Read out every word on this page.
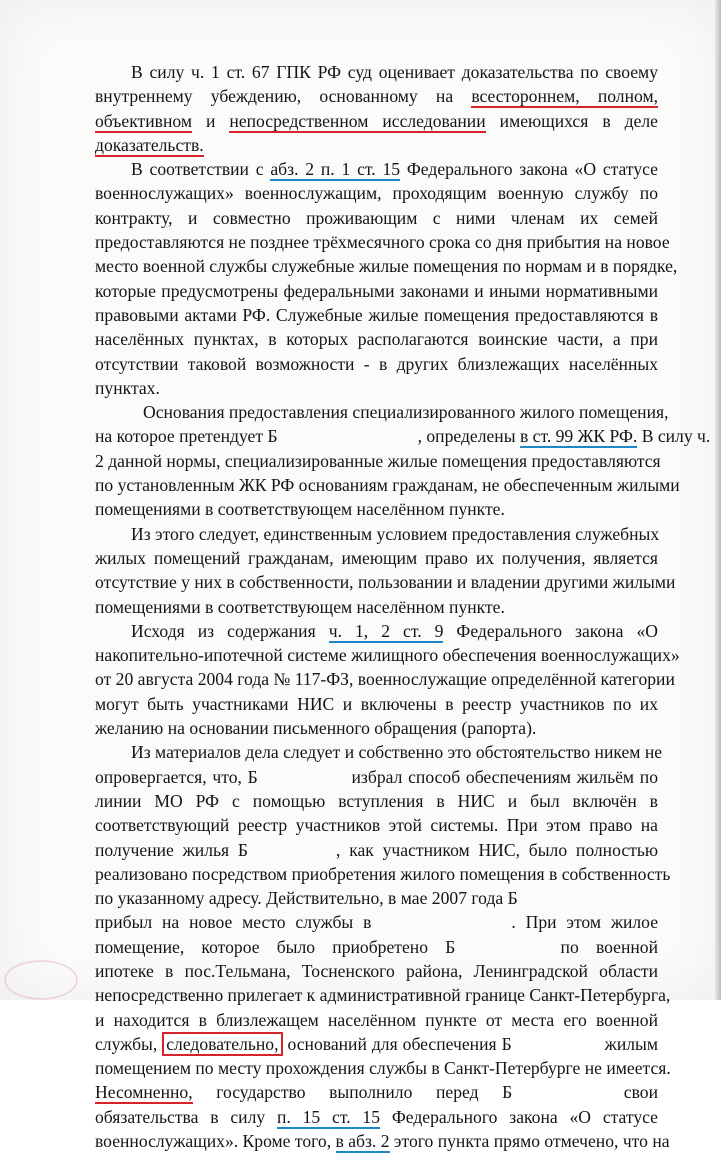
В силу ч. 1 ст. 67 ГПК РФ суд оценивает доказательства по своему
внутреннему убеждению, основанному на всестороннем, полном,
объективном и непосредственном исследовании имеющихся в деле
доказательств.
В соответствии с абз. 2 п. 1 ст. 15 Федерального закона «О статусе
военнослужащих» военнослужащим, проходящим военную службу по
контракту, и совместно проживающим с ними членам их семей
предоставляются не позднее трёхмесячного срока со дня прибытия на новое
место военной службы служебные жилые помещения по нормам и в порядке,
которые предусмотрены федеральными законами и иными нормативными
правовыми актами РФ. Служебные жилые помещения предоставляются в
населённых пунктах, в которых располагаются воинские части, а при
отсутствии таковой возможности - в других близлежащих населённых
пунктах.
Основания предоставления специализированного жилого помещения,
на которое претендует Б	, определены в ст. 99 ЖК РФ. В силу ч.
2 данной нормы, специализированные жилые помещения предоставляются
по установленным ЖК РФ основаниям гражданам, не обеспеченным жилыми
помещениями в соответствующем населённом пункте.
Из этого следует, единственным условием предоставления служебных
жилых помещений гражданам, имеющим право их получения, является
отсутствие у них в собственности, пользовании и владении другими жилыми
помещениями в соответствующем населённом пункте.
Исходя из содержания ч. 1, 2 ст. 9 Федерального закона «О
накопительно-ипотечной системе жилищного обеспечения военнослужащих»
от 20 августа 2004 года № 117-ФЗ, военнослужащие определённой категории
могут быть участниками НИС и включены в реестр участников по их
желанию на основании письменного обращения (рапорта).
Из материалов дела следует и собственно это обстоятельство никем не
опровергается, что, Б	избрал способ обеспечениям жильём по
линии МО РФ с помощью вступления в НИС и был включён в
соответствующий реестр участников этой системы. При этом право на
получение жилья Б	, как участником НИС, было полностью
реализовано посредством приобретения жилого помещения в собственность
по указанному адресу. Действительно, в мае 2007 года Б
прибыл на новое место службы в	. При этом жилое
помещение, которое было приобретено Б	по военной
ипотеке в пос.Тельмана, Тосненского района, Ленинградской области
непосредственно прилегает к административной границе Санкт-Петербурга,
и находится в близлежащем населённом пункте от места его военной
службы, следовательно, оснований для обеспечения Б	жилым
помещением по месту прохождения службы в Санкт-Петербурге не имеется.
Несомненно, государство выполнило перед Б	свои
обязательства в силу п. 15 ст. 15 Федерального закона «О статусе
военнослужащих». Кроме того, в абз. 2 этого пункта прямо отмечено, что на
